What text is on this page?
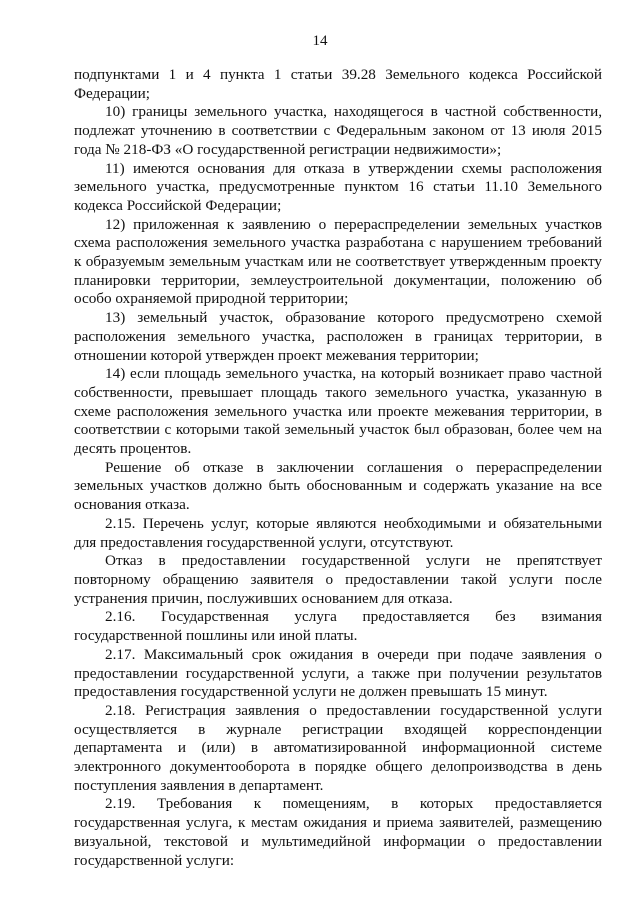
14

подпунктами 1 и 4 пункта 1 статьи 39.28 Земельного кодекса Российской Федерации;

10) границы земельного участка, находящегося в частной собственности, подлежат уточнению в соответствии с Федеральным законом от 13 июля 2015 года № 218-ФЗ «О государственной регистрации недвижимости»;

11) имеются основания для отказа в утверждении схемы расположения земельного участка, предусмотренные пунктом 16 статьи 11.10 Земельного кодекса Российской Федерации;

12) приложенная к заявлению о перераспределении земельных участков схема расположения земельного участка разработана с нарушением требований к образуемым земельным участкам или не соответствует утвержденным проекту планировки территории, землеустроительной документации, положению об особо охраняемой природной территории;

13) земельный участок, образование которого предусмотрено схемой расположения земельного участка, расположен в границах территории, в отношении которой утвержден проект межевания территории;

14) если площадь земельного участка, на который возникает право частной собственности, превышает площадь такого земельного участка, указанную в схеме расположения земельного участка или проекте межевания территории, в соответствии с которыми такой земельный участок был образован, более чем на десять процентов.

Решение об отказе в заключении соглашения о перераспределении земельных участков должно быть обоснованным и содержать указание на все основания отказа.

2.15. Перечень услуг, которые являются необходимыми и обязательными для предоставления государственной услуги, отсутствуют.

Отказ в предоставлении государственной услуги не препятствует повторному обращению заявителя о предоставлении такой услуги после устранения причин, послуживших основанием для отказа.

2.16. Государственная услуга предоставляется без взимания государственной пошлины или иной платы.

2.17. Максимальный срок ожидания в очереди при подаче заявления о предоставлении государственной услуги, а также при получении результатов предоставления государственной услуги не должен превышать 15 минут.

2.18. Регистрация заявления о предоставлении государственной услуги осуществляется в журнале регистрации входящей корреспонденции департамента и (или) в автоматизированной информационной системе электронного документооборота в порядке общего делопроизводства в день поступления заявления в департамент.

2.19. Требования к помещениям, в которых предоставляется государственная услуга, к местам ожидания и приема заявителей, размещению визуальной, текстовой и мультимедийной информации о предоставлении государственной услуги:
